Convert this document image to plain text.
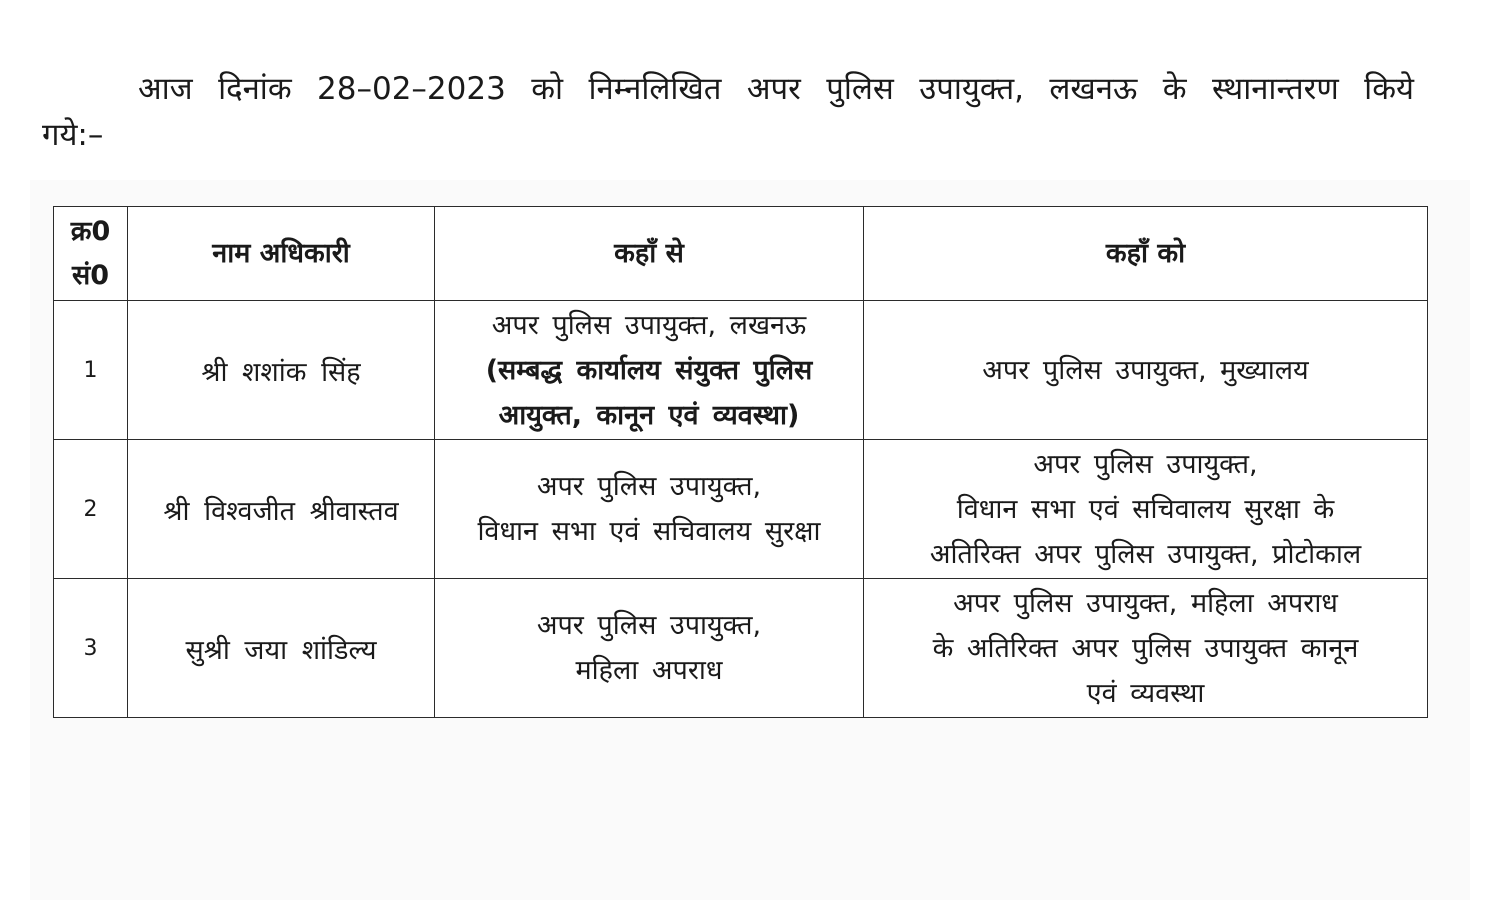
आज दिनांक 28–02–2023 को निम्नलिखित अपर पुलिस उपायुक्त, लखनऊ के स्थानान्तरण किये गये:–

क्र0
सं0	नाम अधिकारी	कहाँ से	कहाँ को
1	श्री शशांक सिंह	अपर पुलिस उपायुक्त, लखनऊ
(सम्बद्ध कार्यालय संयुक्त पुलिस
आयुक्त, कानून एवं व्यवस्था)	अपर पुलिस उपायुक्त, मुख्यालय

2	श्री विश्वजीत श्रीवास्तव	अपर पुलिस उपायुक्त,
विधान सभा एवं सचिवालय सुरक्षा	अपर पुलिस उपायुक्त,
विधान सभा एवं सचिवालय सुरक्षा के
अतिरिक्त अपर पुलिस उपायुक्त, प्रोटोकाल

3	सुश्री जया शांडिल्य	अपर पुलिस उपायुक्त,
महिला अपराध	अपर पुलिस उपायुक्त, महिला अपराध
के अतिरिक्त अपर पुलिस उपायुक्त कानून
एवं व्यवस्था
